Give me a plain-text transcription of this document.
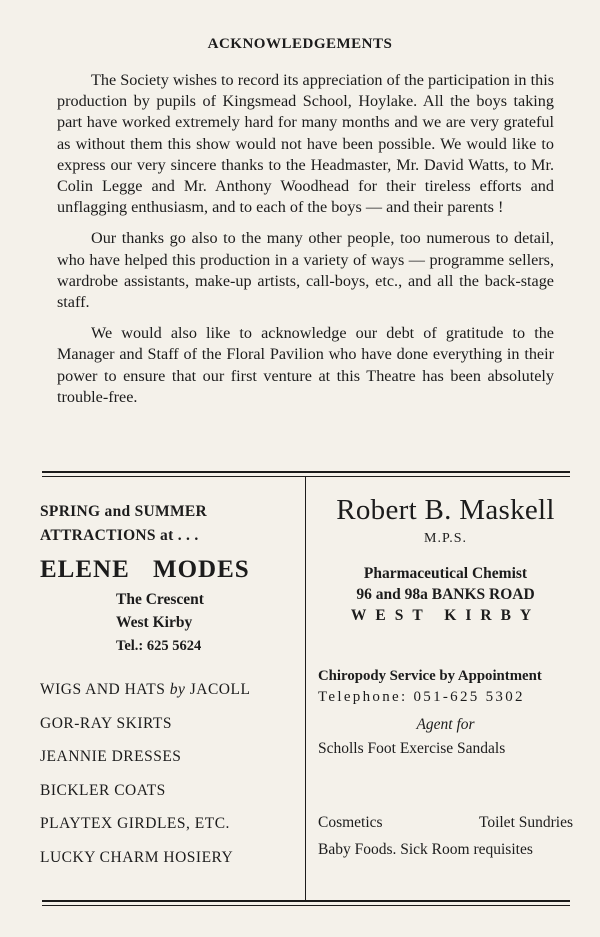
ACKNOWLEDGEMENTS

The Society wishes to record its appreciation of the participation in this production by pupils of Kingsmead School, Hoylake. All the boys taking part have worked extremely hard for many months and we are very grateful as without them this show would not have been possible. We would like to express our very sincere thanks to the Headmaster, Mr. David Watts, to Mr. Colin Legge and Mr. Anthony Woodhead for their tireless efforts and unflagging enthusiasm, and to each of the boys — and their parents !

Our thanks go also to the many other people, too numerous to detail, who have helped this production in a variety of ways — programme sellers, wardrobe assistants, make-up artists, call-boys, etc., and all the back-stage staff.

We would also like to acknowledge our debt of gratitude to the Manager and Staff of the Floral Pavilion who have done everything in their power to ensure that our first venture at this Theatre has been absolutely trouble-free.

SPRING and SUMMER
ATTRACTIONS at . . .
ELENE MODES
The Crescent
West Kirby
Tel.: 625 5624
WIGS AND HATS by JACOLL
GOR-RAY SKIRTS
JEANNIE DRESSES
BICKLER COATS
PLAYTEX GIRDLES, ETC.
LUCKY CHARM HOSIERY
Robert B. Maskell
M.P.S.
Pharmaceutical Chemist
96 and 98a BANKS ROAD
WEST KIRBY
Chiropody Service by Appointment
Telephone: 051-625 5302
Agent for
Scholls Foot Exercise Sandals
Cosmetics	Toilet Sundries
Baby Foods. Sick Room requisites
